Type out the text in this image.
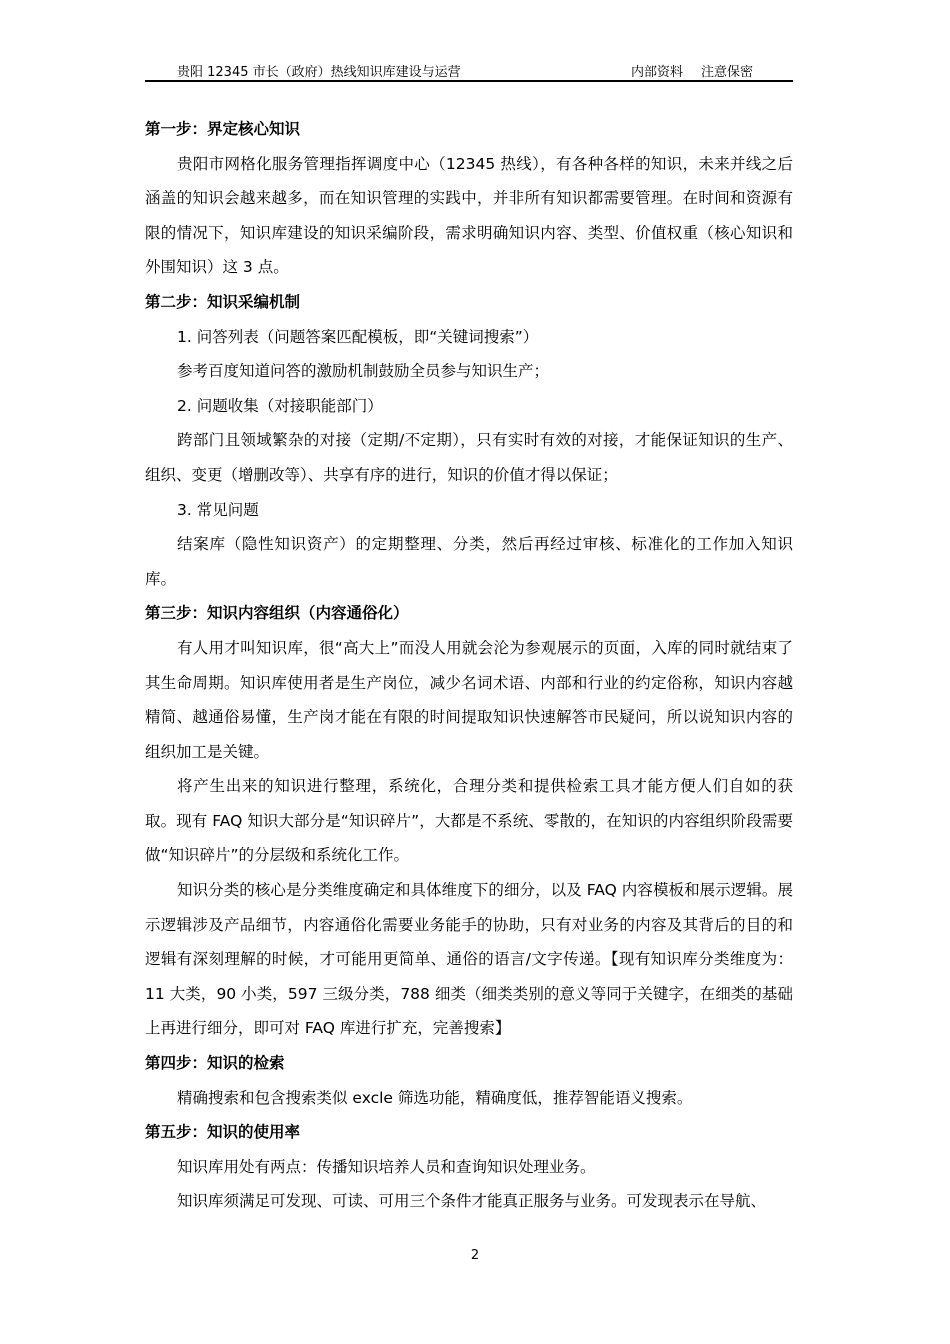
贵阳 12345 市长（政府）热线知识库建设与运营	内部资料 注意保密
第一步：界定核心知识
贵阳市网格化服务管理指挥调度中心（12345 热线），有各种各样的知识，未来并线之后涵盖的知识会越来越多，而在知识管理的实践中，并非所有知识都需要管理。在时间和资源有限的情况下，知识库建设的知识采编阶段，需求明确知识内容、类型、价值权重（核心知识和外围知识）这 3 点。
第二步：知识采编机制
1. 问答列表（问题答案匹配模板，即“关键词搜索”）
参考百度知道问答的激励机制鼓励全员参与知识生产；
2. 问题收集（对接职能部门）
跨部门且领域繁杂的对接（定期/不定期），只有实时有效的对接，才能保证知识的生产、组织、变更（增删改等）、共享有序的进行，知识的价值才得以保证；
3. 常见问题
结案库（隐性知识资产）的定期整理、分类，然后再经过审核、标准化的工作加入知识库。
第三步：知识内容组织（内容通俗化）
有人用才叫知识库，很“高大上”而没人用就会沦为参观展示的页面，入库的同时就结束了其生命周期。知识库使用者是生产岗位，减少名词术语、内部和行业的约定俗称，知识内容越精简、越通俗易懂，生产岗才能在有限的时间提取知识快速解答市民疑问，所以说知识内容的组织加工是关键。
将产生出来的知识进行整理，系统化，合理分类和提供检索工具才能方便人们自如的获取。现有 FAQ 知识大部分是“知识碎片”，大都是不系统、零散的，在知识的内容组织阶段需要做“知识碎片”的分层级和系统化工作。
知识分类的核心是分类维度确定和具体维度下的细分，以及 FAQ 内容模板和展示逻辑。展示逻辑涉及产品细节，内容通俗化需要业务能手的协助，只有对业务的内容及其背后的目的和逻辑有深刻理解的时候，才可能用更简单、通俗的语言/文字传递。【现有知识库分类维度为：11 大类，90 小类，597 三级分类，788 细类（细类类别的意义等同于关键字，在细类的基础上再进行细分，即可对 FAQ 库进行扩充，完善搜索】
第四步：知识的检索
精确搜索和包含搜索类似 excle 筛选功能，精确度低，推荐智能语义搜索。
第五步：知识的使用率
知识库用处有两点：传播知识培养人员和查询知识处理业务。
知识库须满足可发现、可读、可用三个条件才能真正服务与业务。可发现表示在导航、
2
